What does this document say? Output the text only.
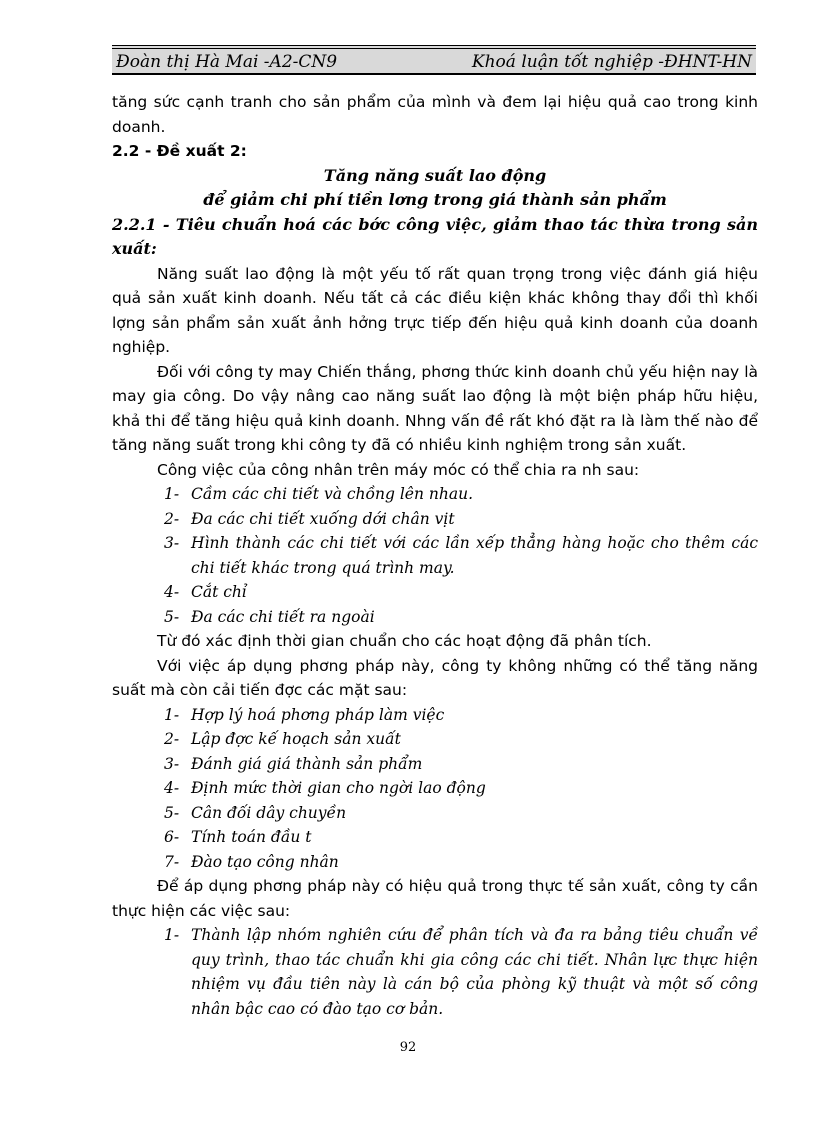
Đoàn thị Hà Mai -A2-CN9	Khoá luận tốt nghiệp -ĐHNT-HN

tăng sức cạnh tranh cho sản phẩm của mình và đem lại hiệu quả cao trong kinh doanh.

2.2 - Đề xuất 2:

Tăng năng suất lao động

để giảm chi phí tiền lơng trong giá thành sản phẩm

2.2.1 - Tiêu chuẩn hoá các bớc công việc, giảm thao tác thừa trong sản xuất:

Năng suất lao động là một yếu tố rất quan trọng trong việc đánh giá hiệu quả sản xuất kinh doanh. Nếu tất cả các điều kiện khác không thay đổi thì khối lợng sản phẩm sản xuất ảnh hởng trực tiếp đến hiệu quả kinh doanh của doanh nghiệp.

Đối với công ty may Chiến thắng, phơng thức kinh doanh chủ yếu hiện nay là may gia công. Do vậy nâng cao năng suất lao động là một biện pháp hữu hiệu, khả thi để tăng hiệu quả kinh doanh. Nhng vấn đề rất khó đặt ra là làm thế nào để tăng năng suất trong khi công ty đã có nhiều kinh nghiệm trong sản xuất.

Công việc của công nhân trên máy móc có thể chia ra nh sau:

1- Cầm các chi tiết và chồng lên nhau.
2- Đa các chi tiết xuống dới chân vịt
3- Hình thành các chi tiết với các lần xếp thẳng hàng hoặc cho thêm các chi tiết khác trong quá trình may.
4- Cắt chỉ
5- Đa các chi tiết ra ngoài

Từ đó xác định thời gian chuẩn cho các hoạt động đã phân tích.

Với việc áp dụng phơng pháp này, công ty không những có thể tăng năng suất mà còn cải tiến đợc các mặt sau:

1- Hợp lý hoá phơng pháp làm việc
2- Lập đợc kế hoạch sản xuất
3- Đánh giá giá thành sản phẩm
4- Định mức thời gian cho ngời lao động
5- Cân đối dây chuyền
6- Tính toán đầu t
7- Đào tạo công nhân

Để áp dụng phơng pháp này có hiệu quả trong thực tế sản xuất, công ty cần thực hiện các việc sau:

1- Thành lập nhóm nghiên cứu để phân tích và đa ra bảng tiêu chuẩn về quy trình, thao tác chuẩn khi gia công các chi tiết. Nhân lực thực hiện nhiệm vụ đầu tiên này là cán bộ của phòng kỹ thuật và một số công nhân bậc cao có đào tạo cơ bản.
92
